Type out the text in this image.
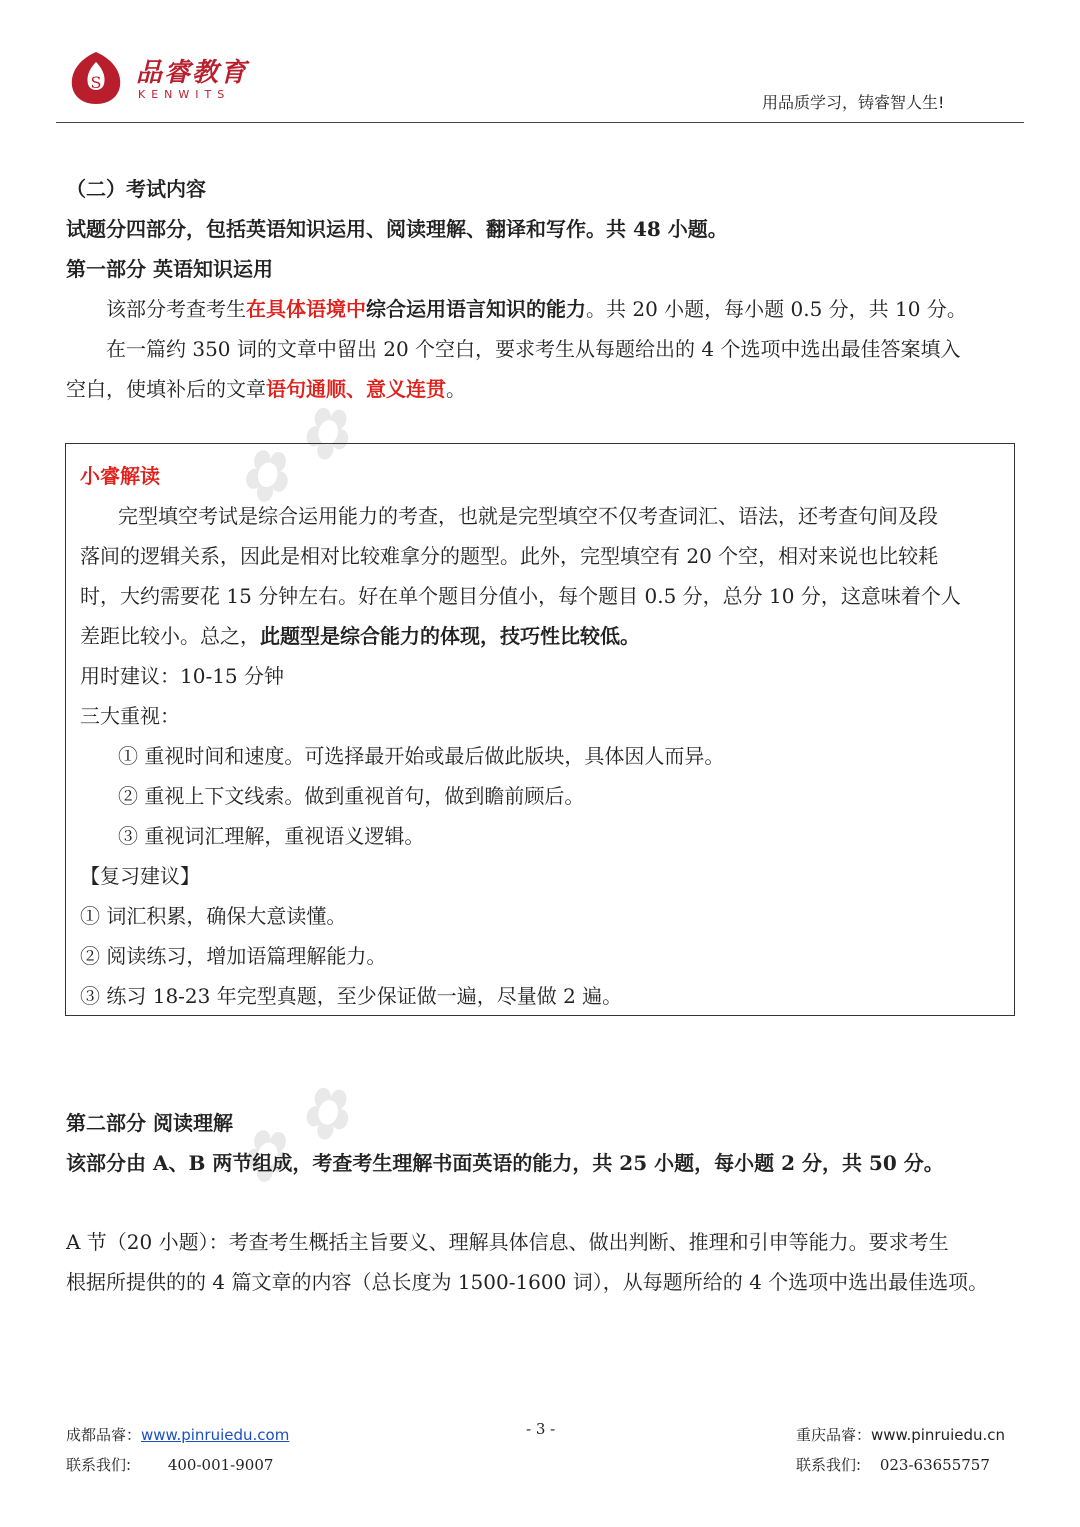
✿ ✿
✿ ✿
S 品睿教育
KENWITS	用品质学习，铸睿智人生!
（二）考试内容
试题分四部分，包括英语知识运用、阅读理解、翻译和写作。共 48 小题。
第一部分 英语知识运用
该部分考查考生在具体语境中综合运用语言知识的能力。共 20 小题，每小题 0.5 分，共 10 分。
在一篇约 350 词的文章中留出 20 个空白，要求考生从每题给出的 4 个选项中选出最佳答案填入
空白，使填补后的文章语句通顺、意义连贯。
小睿解读
完型填空考试是综合运用能力的考查，也就是完型填空不仅考查词汇、语法，还考查句间及段
落间的逻辑关系，因此是相对比较难拿分的题型。此外，完型填空有 20 个空，相对来说也比较耗
时，大约需要花 15 分钟左右。好在单个题目分值小，每个题目 0.5 分，总分 10 分，这意味着个人
差距比较小。总之，此题型是综合能力的体现，技巧性比较低。
用时建议：10-15 分钟
三大重视：
① 重视时间和速度。可选择最开始或最后做此版块，具体因人而异。
② 重视上下文线索。做到重视首句，做到瞻前顾后。
③ 重视词汇理解，重视语义逻辑。
【复习建议】
① 词汇积累，确保大意读懂。
② 阅读练习，增加语篇理解能力。
③ 练习 18-23 年完型真题，至少保证做一遍，尽量做 2 遍。
第二部分 阅读理解
该部分由 A、B 两节组成，考查考生理解书面英语的能力，共 25 小题，每小题 2 分，共 50 分。
A 节（20 小题）：考查考生概括主旨要义、理解具体信息、做出判断、推理和引申等能力。要求考生
根据所提供的的 4 篇文章的内容（总长度为 1500-1600 词），从每题所给的 4 个选项中选出最佳选项。
成都品睿：www.pinruiedu.com	- 3 -	重庆品睿：www.pinruiedu.cn
联系我们: 400-001-9007	联系我们: 023-63655757
